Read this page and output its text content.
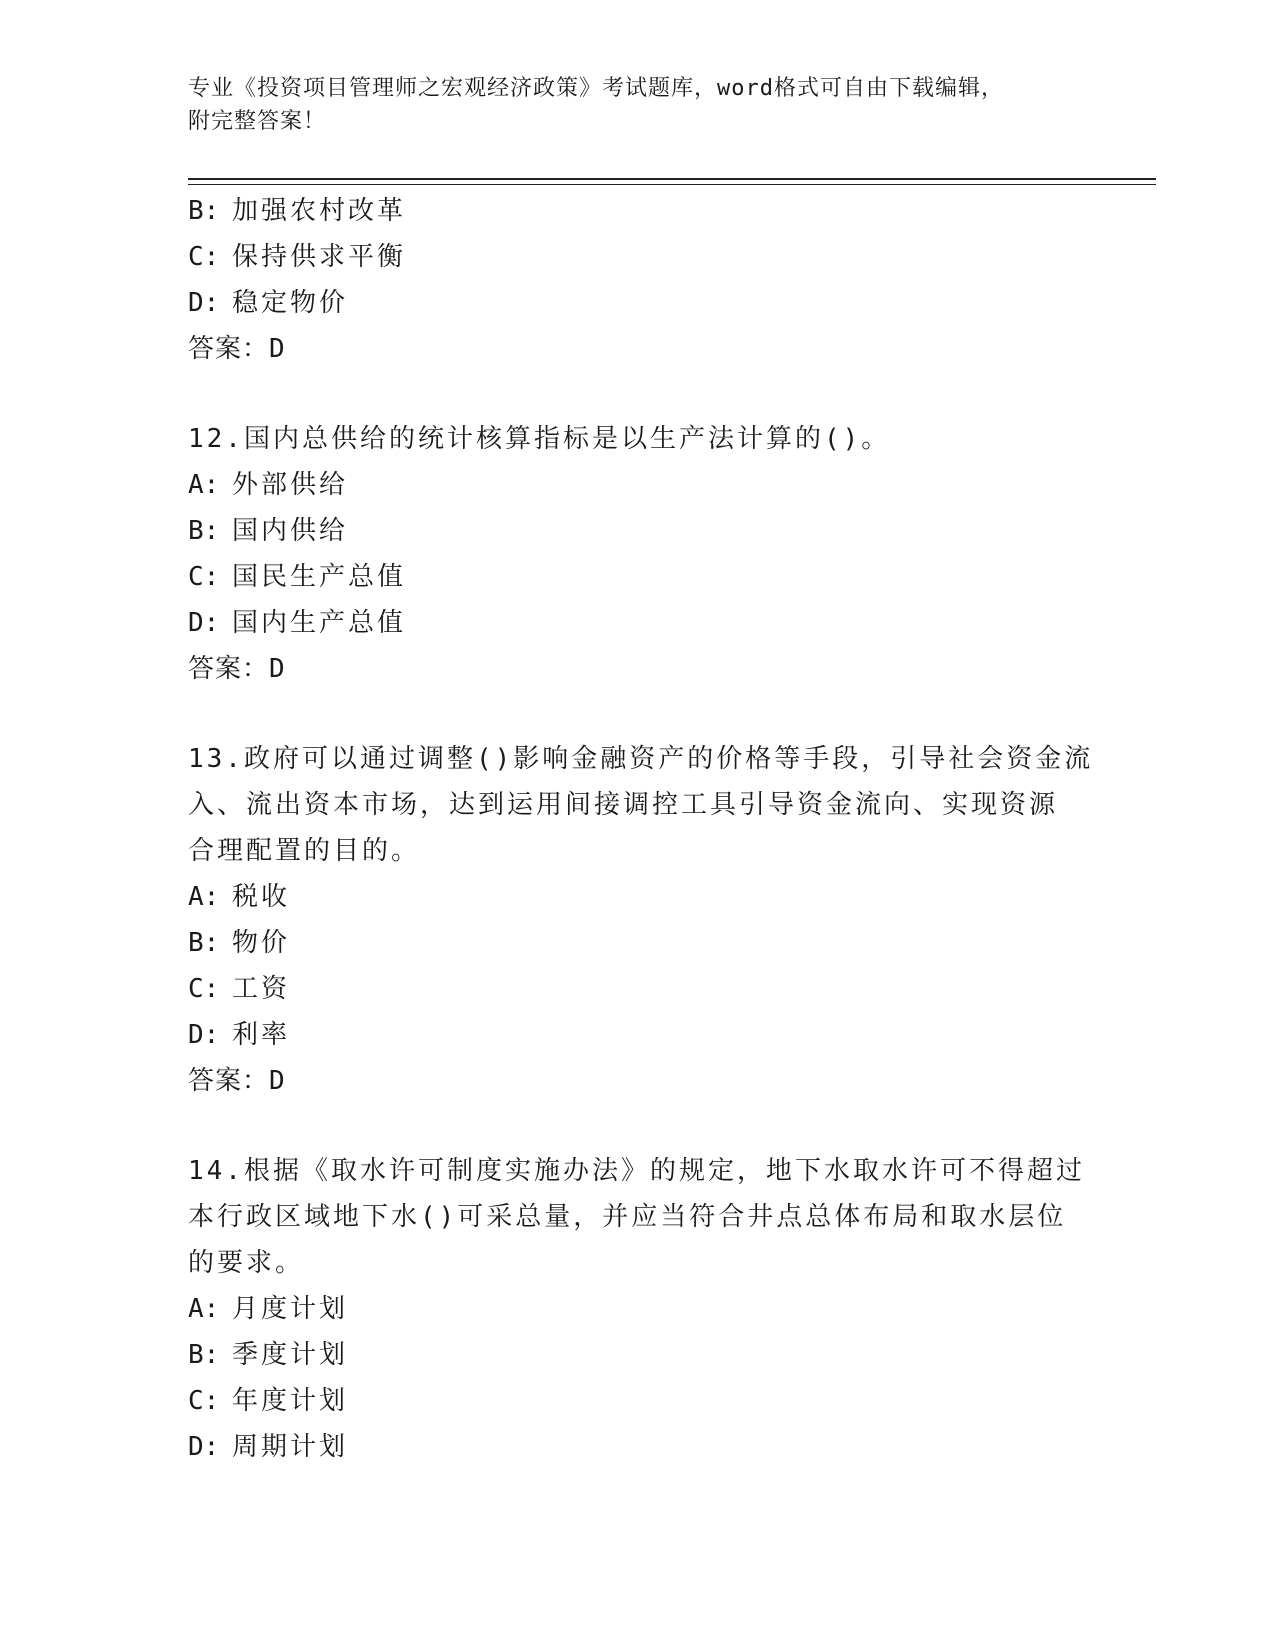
专业《投资项目管理师之宏观经济政策》考试题库，word格式可自由下载编辑，
附完整答案！
B: 加强农村改革
C: 保持供求平衡
D: 稳定物价
答案：D
12.国内总供给的统计核算指标是以生产法计算的()。
A: 外部供给
B: 国内供给
C: 国民生产总值
D: 国内生产总值
答案：D
13.政府可以通过调整()影响金融资产的价格等手段，引导社会资金流
入、流出资本市场，达到运用间接调控工具引导资金流向、实现资源
合理配置的目的。
A: 税收
B: 物价
C: 工资
D: 利率
答案：D
14.根据《取水许可制度实施办法》的规定，地下水取水许可不得超过
本行政区域地下水()可采总量，并应当符合井点总体布局和取水层位
的要求。
A: 月度计划
B: 季度计划
C: 年度计划
D: 周期计划
